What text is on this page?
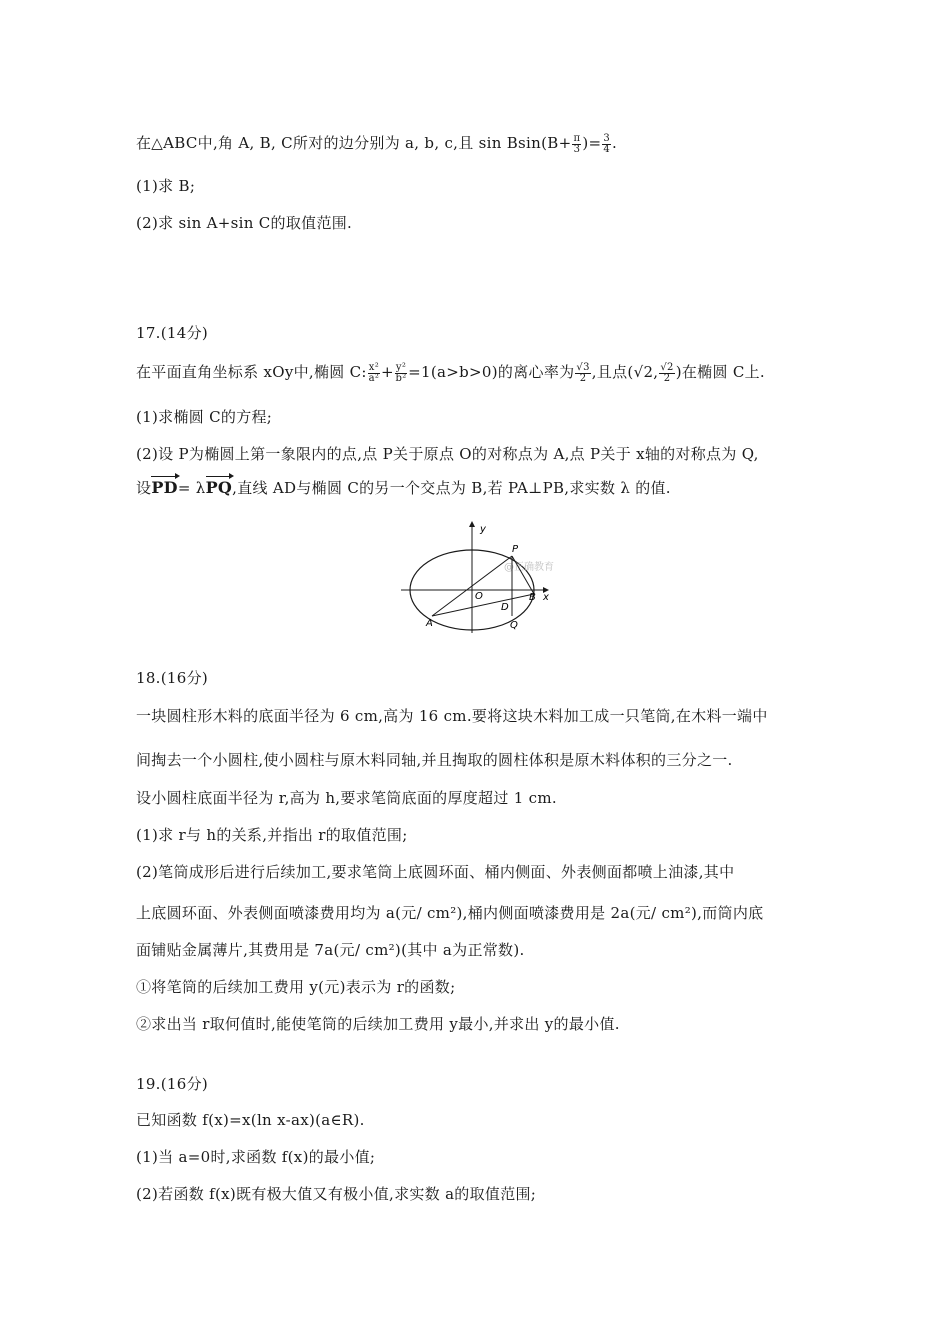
在△ABC中,角 A, B, C所对的边分别为 a, b, c,且 $\sin Bsin(B+ \frac{\pi}{3}$ )= $\frac{3}{4}$ .
(1)求 B;
(2)求 sin A+sin C的取值范围.
17.(14分)
在平面直角坐标系 xOy中,椭圆 C: $\frac{\text{x²}}{\text{a²}} + \frac{\text{y²}}{\text{b²}} =1(a>b>0)$的离心率为 $\frac{√3}{2}$ ,且点(√2, $\frac{√2}{2}$ )在椭圆 C上.
(1)求椭圆 C的方程;
(2)设 P为椭圆上第一象限内的点,点 P关于原点 O的对称点为 A,点 P关于 x轴的对称点为 Q,
设PD= λPQ,直线 AD与椭圆 C的另一个交点为 B,若 PA⊥PB,求实数 λ 的值.
@正确教育
y
x
O
P
A	Q
D
B
18.(16分)
一块圆柱形木料的底面半径为 6 cm,高为 16 cm.要将这块木料加工成一只笔筒,在木料一端中
间掏去一个小圆柱,使小圆柱与原木料同轴,并且掏取的圆柱体积是原木料体积的三分之一.
设小圆柱底面半径为 r,高为 h,要求笔筒底面的厚度超过 1 cm.
(1)求 r与 h的关系,并指出 r的取值范围;
(2)笔筒成形后进行后续加工,要求笔筒上底圆环面、桶内侧面、外表侧面都喷上油漆,其中
上底圆环面、外表侧面喷漆费用均为 a(元/ cm²),桶内侧面喷漆费用是 2a(元/ cm²),而筒内底
面铺贴金属薄片,其费用是 7a(元/ cm²)(其中 a为正常数).
①将笔筒的后续加工费用 y(元)表示为 r的函数;
②求出当 r取何值时,能使笔筒的后续加工费用 y最小,并求出 y的最小值.
19.(16分)
已知函数 f(x)=x(ln x-ax)(a∈R).
(1)当 a=0时,求函数 f(x)的最小值;
(2)若函数 f(x)既有极大值又有极小值,求实数 a的取值范围;
